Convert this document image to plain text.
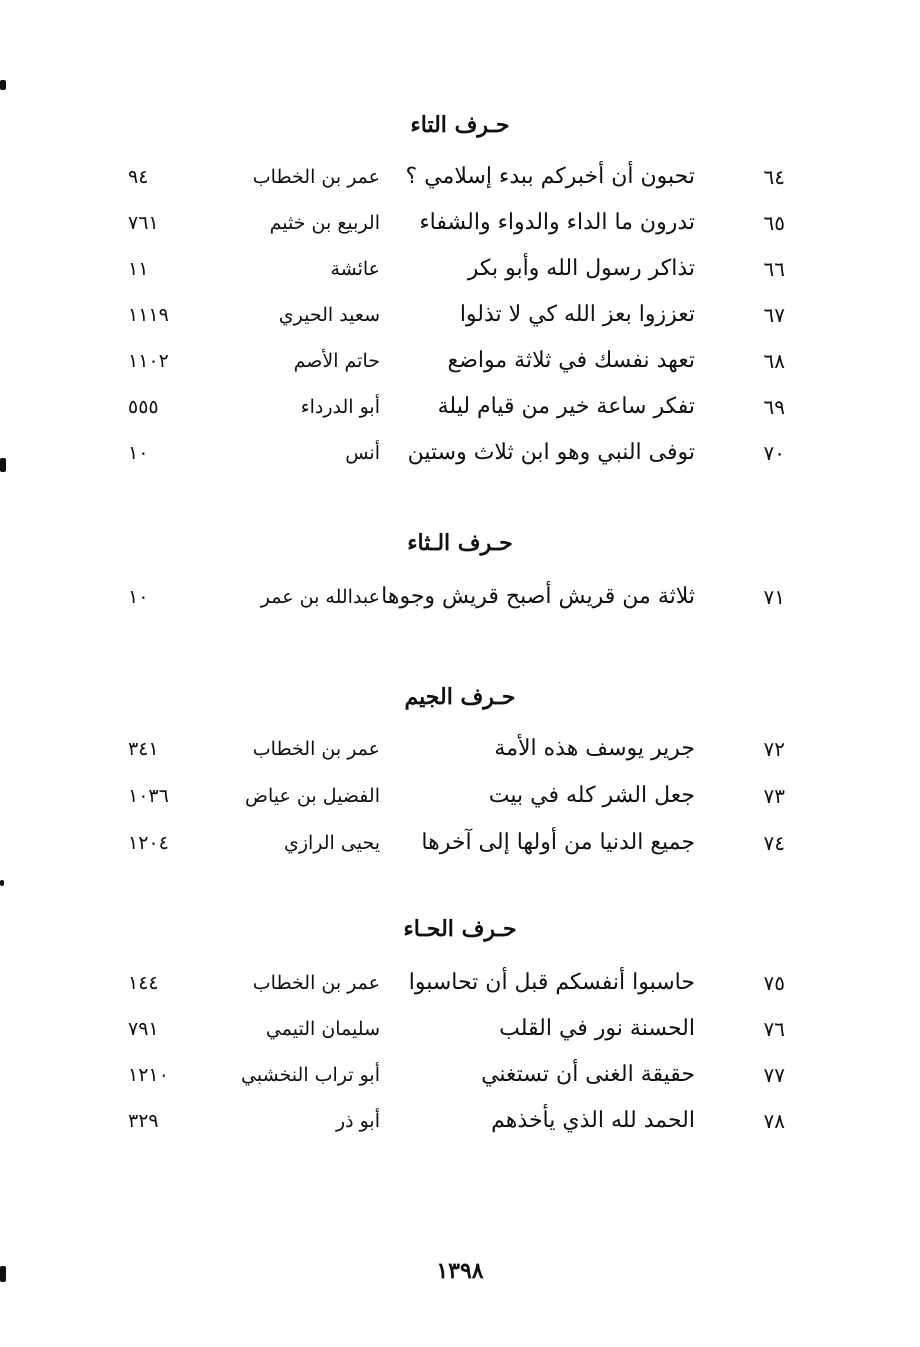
حـرف التاء
٦٤
تحبون أن أخبركم ببدء إسلامي ؟
عمر بن الخطاب
٩٤
٦٥
تدرون ما الداء والدواء والشفاء
الربيع بن خثيم
٧٦١
٦٦
تذاكر رسول الله وأبو بكر
عائشة
١١
٦٧
تعززوا بعز الله كي لا تذلوا
سعيد الحيري
١١١٩
٦٨
تعهد نفسك في ثلاثة مواضع
حاتم الأصم
١١٠٢
٦٩
تفكر ساعة خير من قيام ليلة
أبو الدرداء
٥٥٥
٧٠
توفى النبي وهو ابن ثلاث وستين
أنس
١٠
حـرف الـثاء
٧١
ثلاثة من قريش أصبح قريش وجوها
عبدالله بن عمر
١٠
حـرف الجيم
٧٢
جرير يوسف هذه الأمة
عمر بن الخطاب
٣٤١
٧٣
جعل الشر كله في بيت
الفضيل بن عياض
١٠٣٦
٧٤
جميع الدنيا من أولها إلى آخرها
يحيى الرازي
١٢٠٤
حـرف الحـاء
٧٥
حاسبوا أنفسكم قبل أن تحاسبوا
عمر بن الخطاب
١٤٤
٧٦
الحسنة نور في القلب
سليمان التيمي
٧٩١
٧٧
حقيقة الغنى أن تستغني
أبو تراب النخشبي
١٢١٠
٧٨
الحمد لله الذي يأخذهم
أبو ذر
٣٢٩
١٣٩٨
